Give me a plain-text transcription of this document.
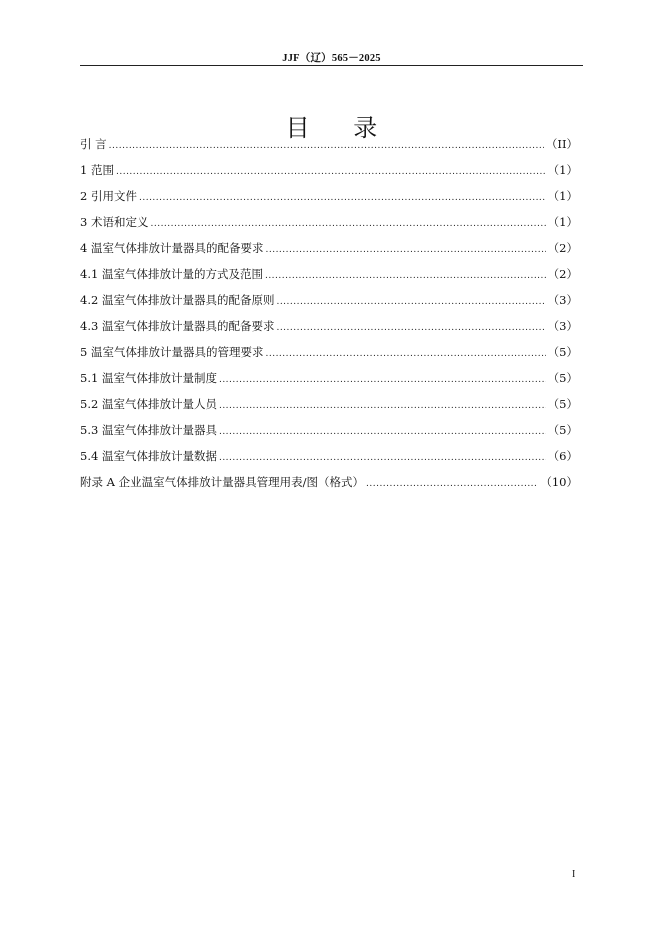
JJF（辽）565－2025
目 录
引 言 .....	（II）
1 范围 .....	（1）
2 引用文件 .....	（1）
3 术语和定义 .....	（1）
4 温室气体排放计量器具的配备要求 .....	（2）
4.1 温室气体排放计量的方式及范围 .....	（2）
4.2 温室气体排放计量器具的配备原则 .....	（3）
4.3 温室气体排放计量器具的配备要求 .....	（3）
5 温室气体排放计量器具的管理要求 .....	（5）
5.1 温室气体排放计量制度 .....	（5）
5.2 温室气体排放计量人员 .....	（5）
5.3 温室气体排放计量器具 .....	（5）
5.4 温室气体排放计量数据 .....	（6）
附录 A 企业温室气体排放计量器具管理用表/图（格式） .....	（10）
I
